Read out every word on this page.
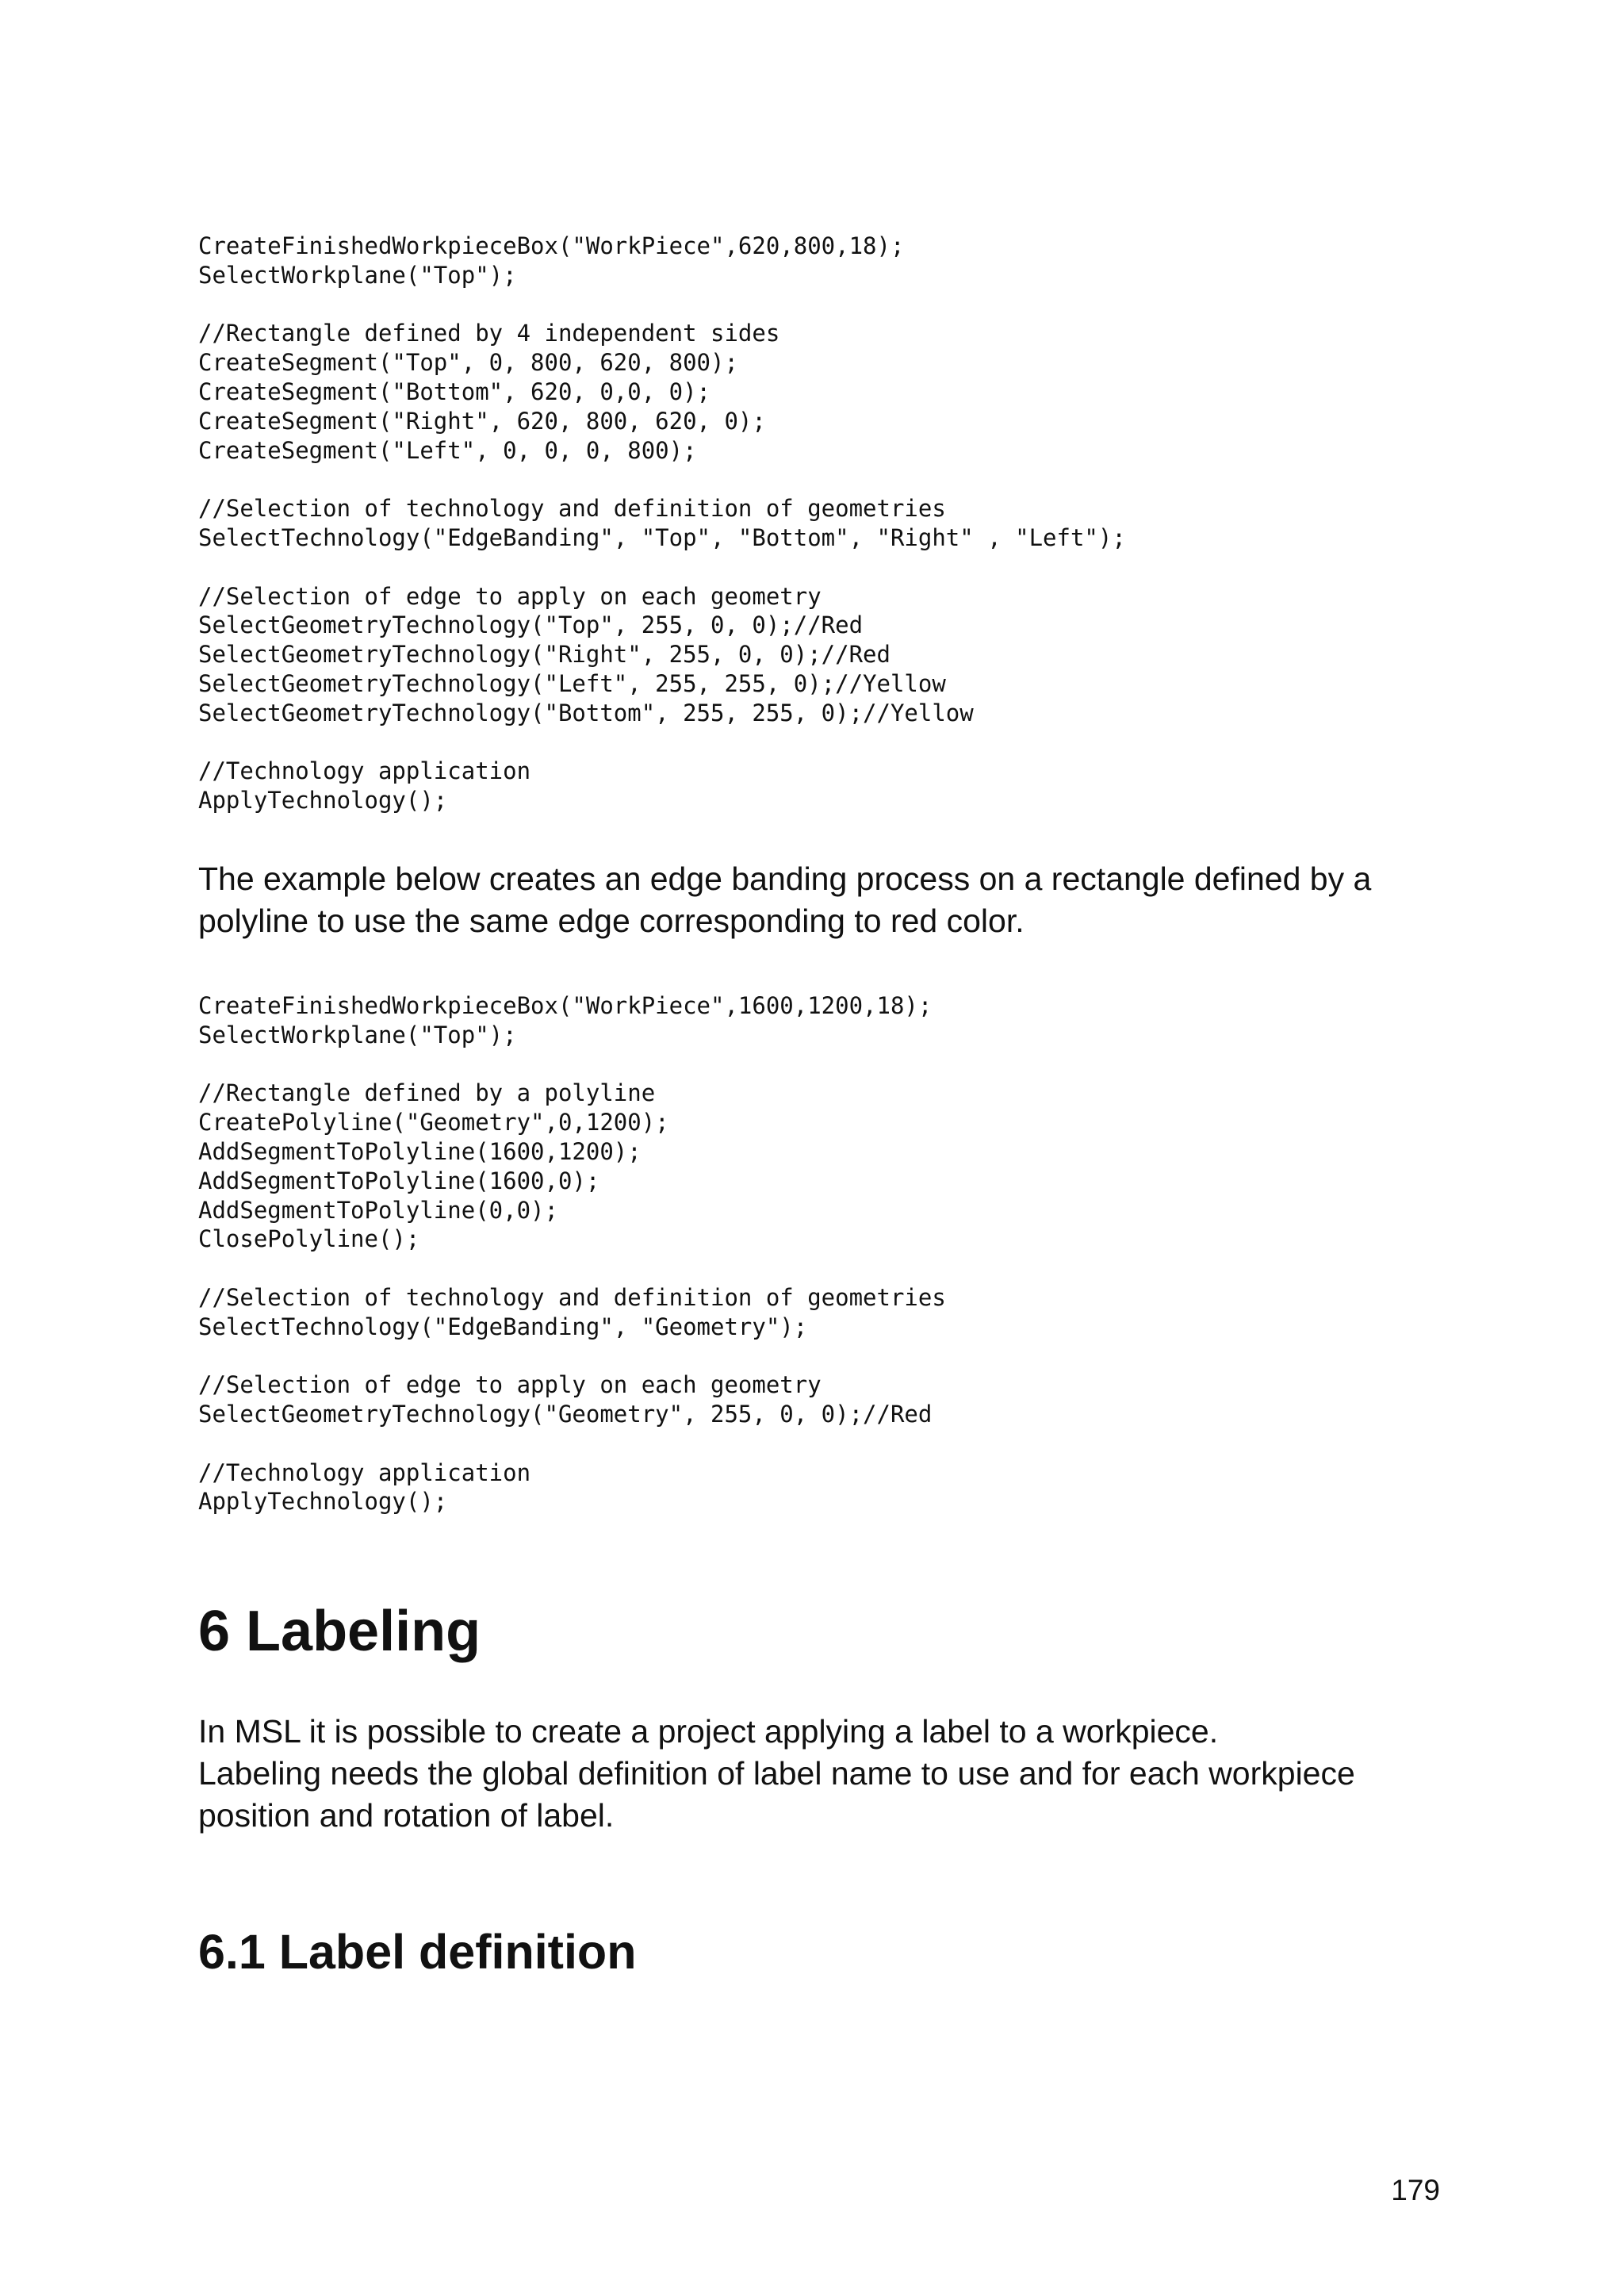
CreateFinishedWorkpieceBox("WorkPiece",620,800,18);
SelectWorkplane("Top");
//Rectangle defined by 4 independent sides
CreateSegment("Top", 0, 800, 620, 800);
CreateSegment("Bottom", 620, 0,0, 0);
CreateSegment("Right", 620, 800, 620, 0);
CreateSegment("Left", 0, 0, 0, 800);
//Selection of technology and definition of geometries
SelectTechnology("EdgeBanding", "Top", "Bottom", "Right" , "Left");
//Selection of edge to apply on each geometry
SelectGeometryTechnology("Top", 255, 0, 0);//Red
SelectGeometryTechnology("Right", 255, 0, 0);//Red
SelectGeometryTechnology("Left", 255, 255, 0);//Yellow
SelectGeometryTechnology("Bottom", 255, 255, 0);//Yellow
//Technology application
ApplyTechnology();

The example below creates an edge banding process on a rectangle defined by a
polyline to use the same edge corresponding to red color.

CreateFinishedWorkpieceBox("WorkPiece",1600,1200,18);
SelectWorkplane("Top");
//Rectangle defined by a polyline
CreatePolyline("Geometry",0,1200);
AddSegmentToPolyline(1600,1200);
AddSegmentToPolyline(1600,0);
AddSegmentToPolyline(0,0);
ClosePolyline();
//Selection of technology and definition of geometries
SelectTechnology("EdgeBanding", "Geometry");
//Selection of edge to apply on each geometry
SelectGeometryTechnology("Geometry", 255, 0, 0);//Red
//Technology application
ApplyTechnology();
6 Labeling

In MSL it is possible to create a project applying a label to a workpiece.
Labeling needs the global definition of label name to use and for each workpiece
position and rotation of label.

6.1 Label definition
179
